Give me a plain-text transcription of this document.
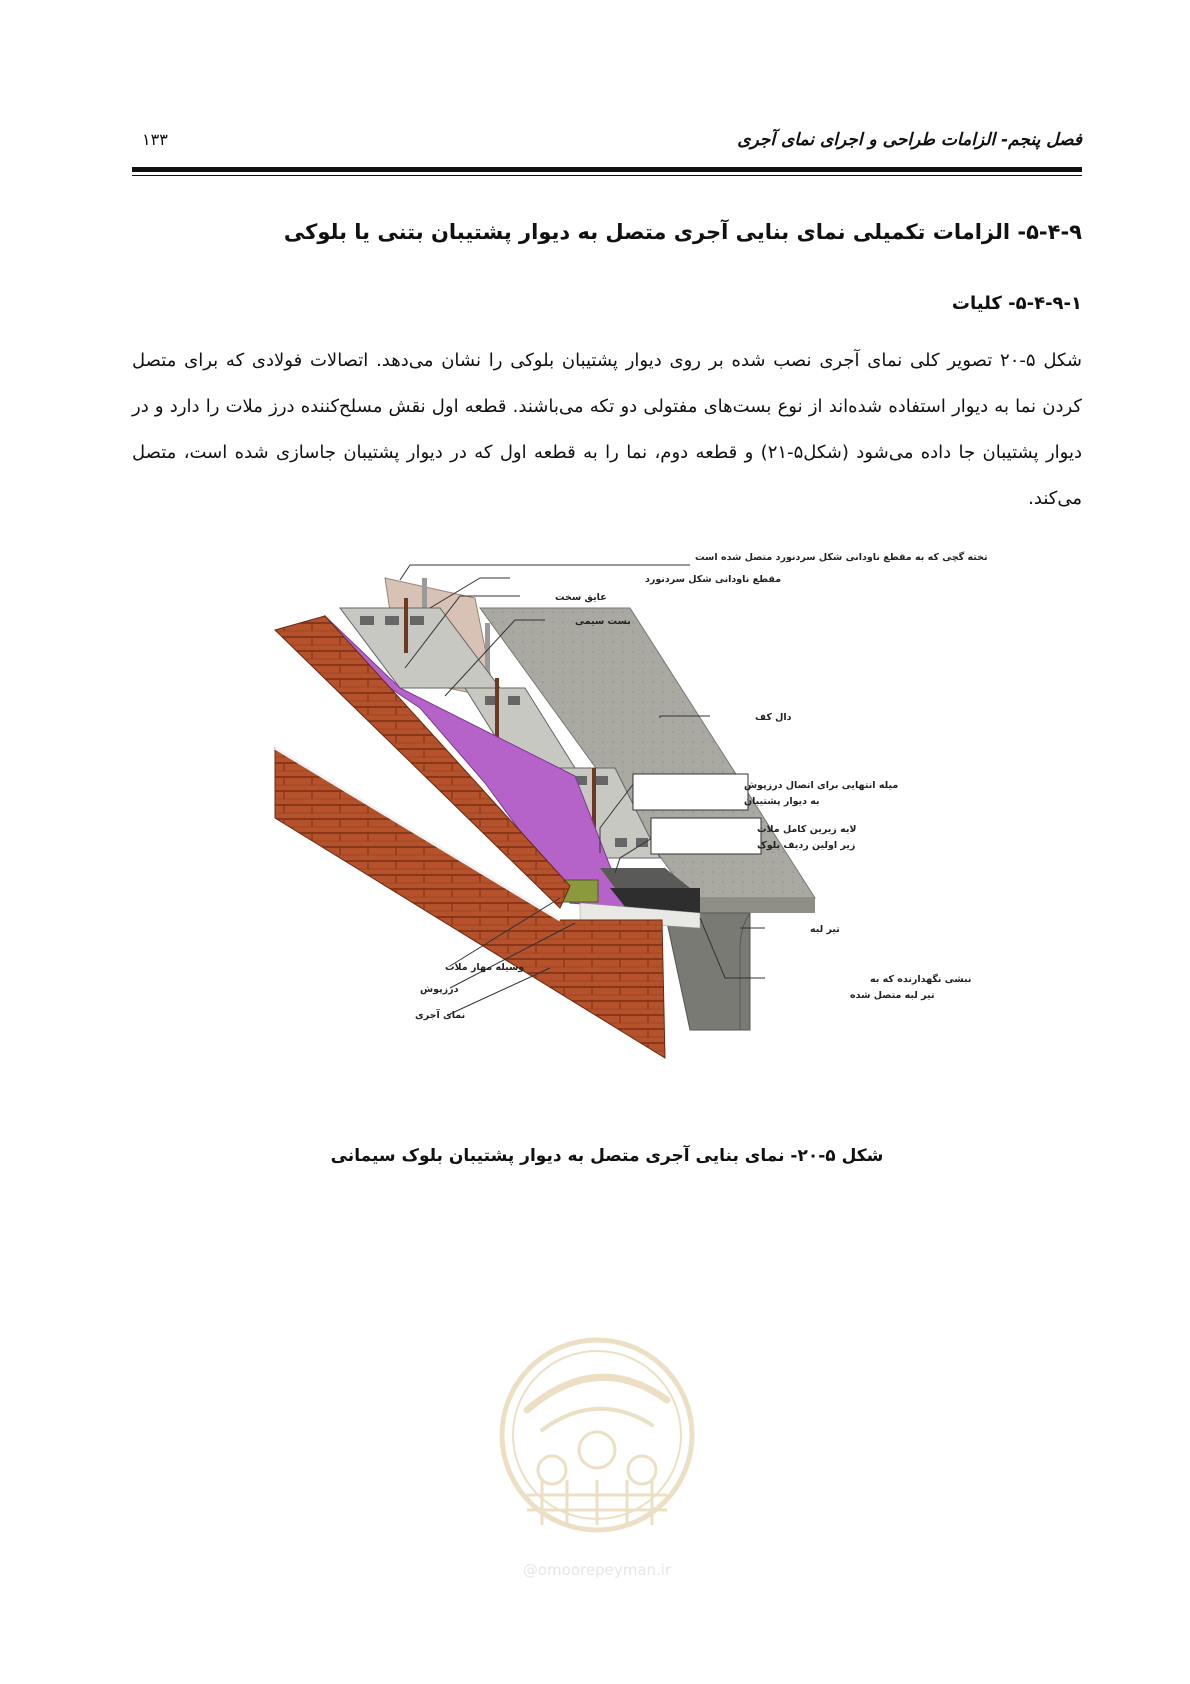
فصل پنجم- الزامات طراحی و اجرای نمای آجری
۱۳۳
۵-۴-۹- الزامات تکمیلی نمای بنایی آجری متصل به دیوار پشتیبان بتنی یا بلوکی
۵-۴-۹-۱- کلیات
شکل ۵-۲۰ تصویر کلی نمای آجری نصب شده بر روی دیوار پشتیبان بلوکی را نشان می‌دهد. اتصالات فولادی که برای متصل کردن نما به دیوار استفاده شده‌اند از نوع بست‌های مفتولی دو تکه می‌باشند. قطعه اول نقش مسلح‌کننده درز ملات را دارد و در دیوار پشتیبان جا داده می‌شود (شکل۵-۲۱) و قطعه دوم، نما را به قطعه اول که در دیوار پشتیبان جاسازی شده است، متصل می‌کند.
تخته گچی که به مقطع ناودانی شکل سردنورد متصل شده است
مقطع ناودانی شکل سردنورد
عایق سخت
بست سیمی
دال کف
میله انتهایی برای اتصال درزپوش
به دیوار پشتیبان
لایه زیرین کامل ملات
زیر اولین ردیف بلوک
تیر لبه
نبشی نگهدارنده که به
تیر لبه متصل شده
وسیله مهار ملات
درزپوش
نمای آجری
شکل ۵-۲۰- نمای بنایی آجری متصل به دیوار پشتیبان بلوک سیمانی
@omoorepeyman.ir
